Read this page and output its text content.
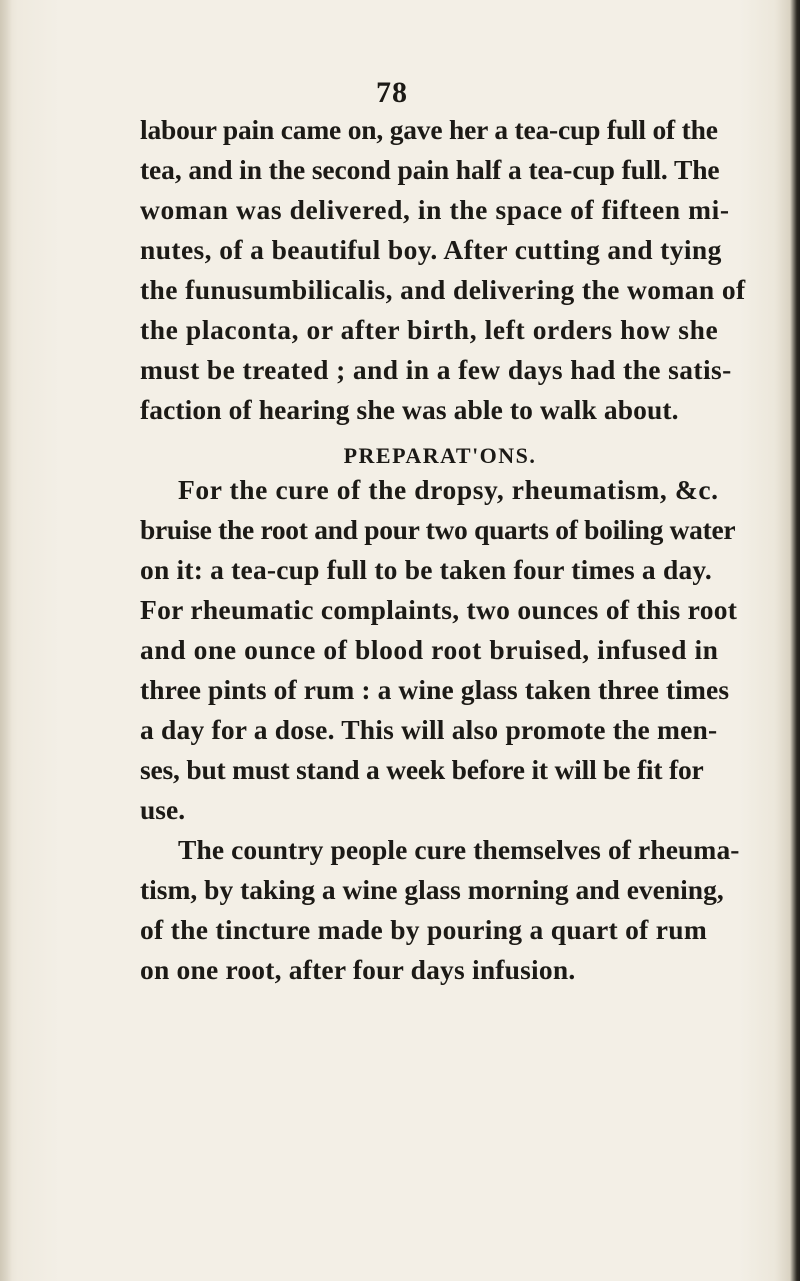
78
labour pain came on, gave her a tea-cup full of the
tea, and in the second pain half a tea-cup full. The
woman was delivered, in the space of fifteen mi-
nutes, of a beautiful boy. After cutting and tying
the funusumbilicalis, and delivering the woman of
the placonta, or after birth, left orders how she
must be treated ; and in a few days had the satis-
faction of hearing she was able to walk about.
PREPARAT'ONS.
For the cure of the dropsy, rheumatism, &c.
bruise the root and pour two quarts of boiling water
on it: a tea-cup full to be taken four times a day.
For rheumatic complaints, two ounces of this root
and one ounce of blood root bruised, infused in
three pints of rum : a wine glass taken three times
a day for a dose. This will also promote the men-
ses, but must stand a week before it will be fit for
use.
The country people cure themselves of rheuma-
tism, by taking a wine glass morning and evening,
of the tincture made by pouring a quart of rum
on one root, after four days infusion.
